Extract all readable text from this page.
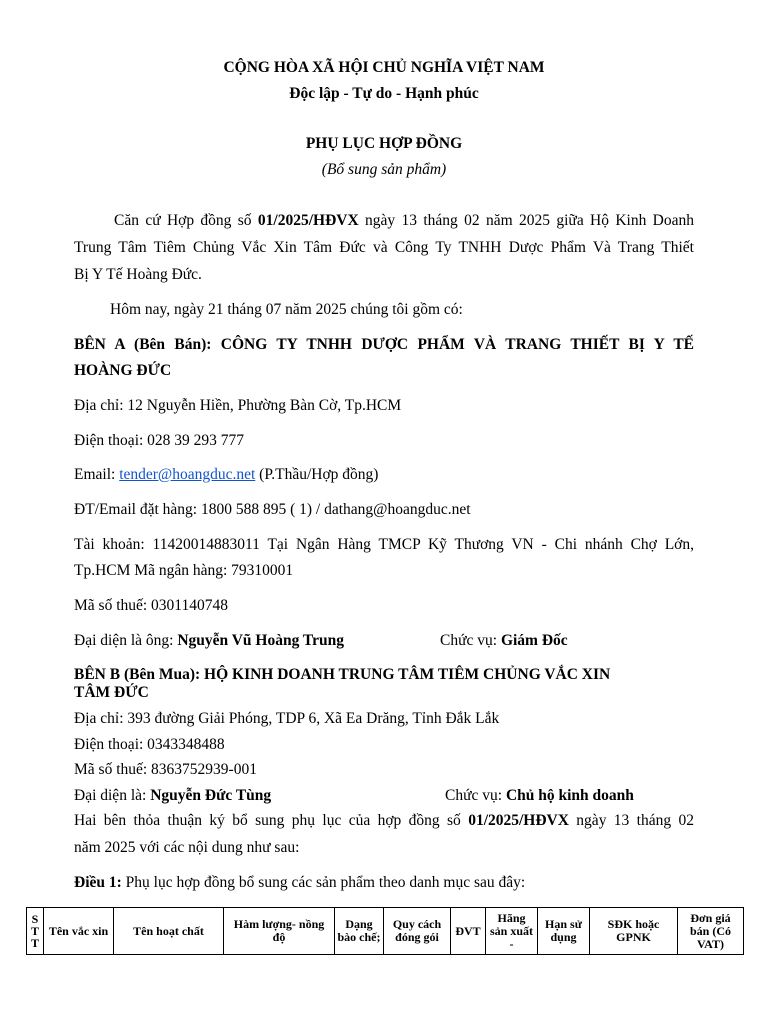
CỘNG HÒA XÃ HỘI CHỦ NGHĨA VIỆT NAM
Độc lập - Tự do - Hạnh phúc
PHỤ LỤC HỢP ĐỒNG
(Bổ sung sản phẩm)
Căn cứ Hợp đồng số 01/2025/HĐVX ngày 13 tháng 02 năm 2025 giữa Hộ Kinh Doanh
Trung Tâm Tiêm Chủng Vắc Xin Tâm Đức và Công Ty TNHH Dược Phẩm Và Trang Thiết
Bị Y Tế Hoàng Đức.
Hôm nay, ngày 21 tháng 07 năm 2025 chúng tôi gồm có:
BÊN A (Bên Bán): CÔNG TY TNHH DƯỢC PHẨM VÀ TRANG THIẾT BỊ Y TẾ
HOÀNG ĐỨC
Địa chỉ: 12 Nguyễn Hiền, Phường Bàn Cờ, Tp.HCM
Điện thoại: 028 39 293 777
Email: tender@hoangduc.net (P.Thầu/Hợp đồng)
ĐT/Email đặt hàng: 1800 588 895 ( 1) / dathang@hoangduc.net
Tài khoản: 11420014883011 Tại Ngân Hàng TMCP Kỹ Thương VN - Chi nhánh Chợ Lớn,
Tp.HCM Mã ngân hàng: 79310001
Mã số thuế: 0301140748
Đại diện là ông: Nguyễn Vũ Hoàng Trung	Chức vụ: Giám Đốc
BÊN B (Bên Mua): HỘ KINH DOANH TRUNG TÂM TIÊM CHỦNG VẮC XIN
TÂM ĐỨC
Địa chỉ: 393 đường Giải Phóng, TDP 6, Xã Ea Drăng, Tỉnh Đắk Lắk
Điện thoại: 0343348488
Mã số thuế: 8363752939-001
Đại diện là: Nguyễn Đức Tùng	Chức vụ: Chủ hộ kinh doanh
Hai bên thỏa thuận ký bổ sung phụ lục của hợp đồng số 01/2025/HĐVX ngày 13 tháng 02
năm 2025 với các nội dung như sau:
Điều 1: Phụ lục hợp đồng bổ sung các sản phẩm theo danh mục sau đây:
STT	Tên vắc xin	Tên hoạt chất	Hàm lượng- nồng độ	Dạng bào chế;	Quy cách đóng gói	ĐVT	Hãng sản xuất -	Hạn sử dụng	SĐK hoặc GPNK	Đơn giá bán (Có VAT)
